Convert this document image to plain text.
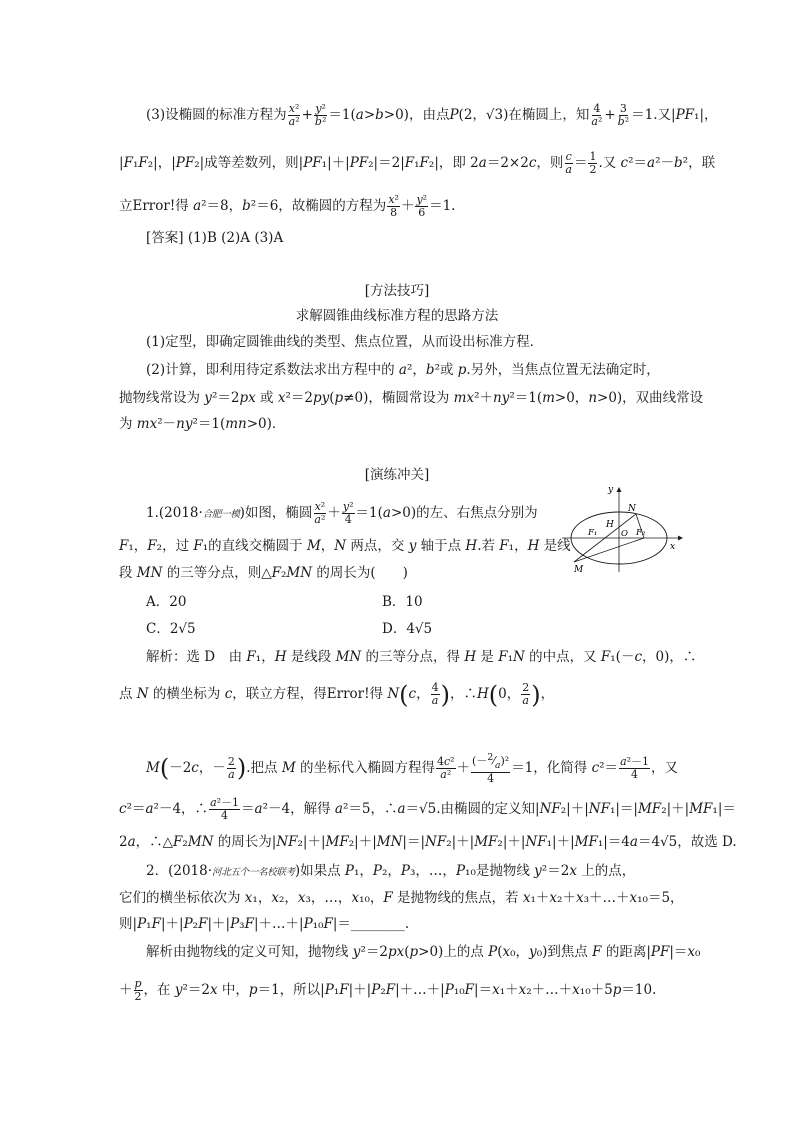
(3)设椭圆的标准方程为 $\frac{\text{x²}}{\text{a²}} + \frac{\text{y²}}{\text{b²}} =1(a>b>0)$，由点P(2，√3)在椭圆上，知 $\frac{4}{\text{a²}} + \frac{3}{\text{b²}} =1$.又|PF₁|，
|F₁F₂|，|PF₂|成等差数列，则|PF₁|＋|PF₂|＝2|F₁F₂|，即 2a＝2×2c，则 $\frac{c}{a} = \frac{1}{2}$ .又 c²＝a²－b²，联
立Error!得 a²＝8，b²＝6，故椭圆的方程为 $\frac{\text{x²}}{8} + \frac{\text{y²}}{6} =1$.
[答案] (1)B (2)A (3)A
[方法技巧]
求解圆锥曲线标准方程的思路方法
(1)定型，即确定圆锥曲线的类型、焦点位置，从而设出标准方程．
(2)计算，即利用待定系数法求出方程中的 a²，b²或 p.另外，当焦点位置无法确定时，
抛物线常设为 y²＝2px 或 x²＝2py(p≠0)，椭圆常设为 mx²＋ny²＝1(m>0，n>0)，双曲线常设
为 mx²－ny²＝1(mn>0)．
[演练冲关]
1.(2018·合肥一模)如图，椭圆 $\frac{\text{x²}}{\text{a²}} + \frac{\text{y²}}{4} =1(a>0)$的左、右焦点分别为
F₁，F₂，过 F₁的直线交椭圆于 M，N 两点，交 y 轴于点 H.若 F₁，H 是线
段 MN 的三等分点，则△F₂MN 的周长为(　　)
y
x
N
H
F₁	O F₂
M
A．20	B．10
C．2√5	D．4√5
解析：选 D　由 F₁，H 是线段 MN 的三等分点，得 H 是 F₁N 的中点，又 F₁(－c，0)，∴
点 N 的横坐标为 c，联立方程，得Error!得 N(c， $\frac{4}{a}$ )，∴H(0， $\frac{2}{a}$ )，
M(－2c，－ $\frac{2}{a}$ ).把点 M 的坐标代入椭圆方程得 $\frac{\text{4c²}}{\text{a²}} + \frac{(-^2⁄_a)^2}{4} =1$，化简得 $c^2= \frac{\text{a²－1}}{4}$ ，又
c²＝a²－4，∴ $\frac{\text{a²－1}}{4} =a^2-4$，解得 a²＝5，∴a＝√5.由椭圆的定义知|NF₂|＋|NF₁|＝|MF₂|＋|MF₁|＝
2a，∴△F₂MN 的周长为|NF₂|＋|MF₂|＋|MN|＝|NF₂|＋|MF₂|＋|NF₁|＋|MF₁|＝4a＝4√5，故选 D.
2．(2018·河北五个一名校联考)如果点 P₁，P₂，P₃，…，P₁₀是抛物线 y²＝2x 上的点，
它们的横坐标依次为 x₁，x₂，x₃，…，x₁₀，F 是抛物线的焦点，若 x₁＋x₂＋x₃＋…＋x₁₀＝5，
则|P₁F|＋|P₂F|＋|P₃F|＋…＋|P₁₀F|＝________.
解析由抛物线的定义可知，抛物线 y²＝2px(p>0)上的点 P(x₀，y₀)到焦点 F 的距离|PF|＝x₀
＋ $\frac{p}{2}$ ，在 y²＝2x 中，p＝1，所以|P₁F|＋|P₂F|＋…＋|P₁₀F|＝x₁＋x₂＋…＋x₁₀＋5p＝10.
